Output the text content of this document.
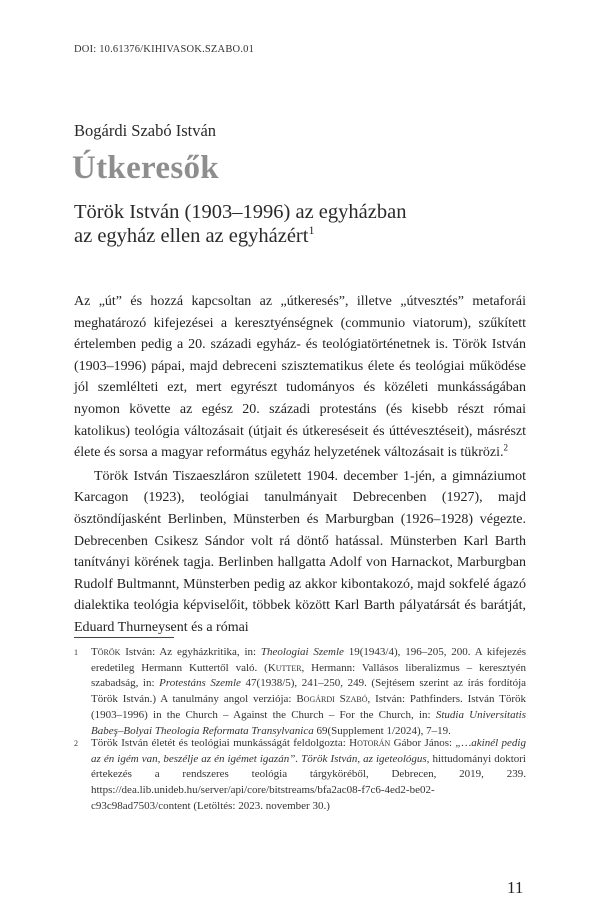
DOI: 10.61376/KIHIVASOK.SZABO.01
Bogárdi Szabó István
Útkeresők
Török István (1903–1996) az egyházban
az egyház ellen az egyházért$^1$

Az „út” és hozzá kapcsoltan az „útkeresés”, illetve „útvesztés” metaforái meghatározó kifejezései a keresztyénségnek (communio viatorum), szűkített értelemben pedig a 20. századi egyház- és teológiatörténetnek is. Török István (1903–1996) pápai, majd debreceni szisztematikus élete és teológiai működése jól szemlélteti ezt, mert egyrészt tudományos és közéleti munkásságában nyomon követte az egész 20. századi protestáns (és kisebb részt római katolikus) teológia változásait (útjait és útkereséseit és úttévesztéseit), másrészt élete és sorsa a magyar református egyház helyzetének változásait is tükrözi.$^2$

Török István Tiszaeszláron született 1904. december 1-jén, a gimnáziumot Karcagon (1923), teológiai tanulmányait Debrecenben (1927), majd ösztöndíjasként Berlinben, Münsterben és Marburgban (1926–1928) végezte. Debrecenben Csikesz Sándor volt rá döntő hatással. Münsterben Karl Barth tanítványi körének tagja. Berlinben hallgatta Adolf von Harnackot, Marburgban Rudolf Bultmannt, Münsterben pedig az akkor kibontakozó, majd sokfelé ágazó dialektika teológia képviselőit, többek között Karl Barth pályatársát és barátját, Eduard Thurneysent és a római

1 Török István: Az egyházkritika, in: Theologiai Szemle 19(1943/4), 196–205, 200. A kifejezés eredetileg Hermann Kuttertől való. (Kutter, Hermann: Vallásos liberalizmus – keresztyén szabadság, in: Protestáns Szemle 47(1938/5), 241–250, 249. (Sejtésem szerint az írás fordítója Török István.) A tanulmány angol verziója: Bogárdi Szabó, István: Pathfinders. István Török (1903–1996) in the Church – Against the Church – For the Church, in: Studia Universitatis Babeş–Bolyai Theologia Reformata Transylvanica 69(Supplement 1/2024), 7–19.
2 Török István életét és teológiai munkásságát feldolgozta: Hotorán Gábor János: „…akinél pedig az én igém van, beszélje az én igémet igazán”. Török István, az igeteológus, hittudományi doktori értekezés a rendszeres teológia tárgyköréből, Debrecen, 2019, 239. https://dea.lib.unideb.hu/server/api/core/bitstreams/bfa2ac08-f7c6-4ed2-be02-c93c98ad7503/content (Letöltés: 2023. november 30.)
11
